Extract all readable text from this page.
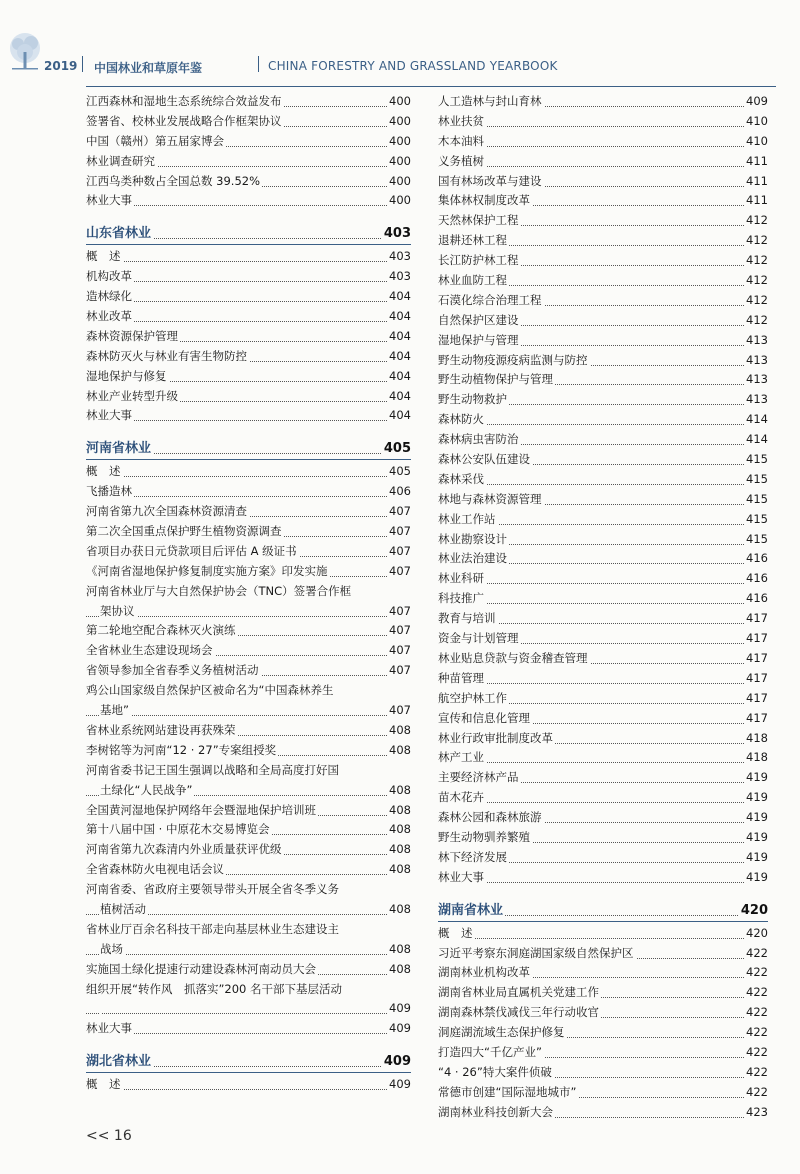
2019 中国林业和草原年鉴	CHINA FORESTRY AND GRASSLAND YEARBOOK
江西森林和湿地生态系统综合效益发布	400
签署省、校林业发展战略合作框架协议	400
中国（赣州）第五届家博会	400
林业调查研究	400
江西鸟类种数占全国总数 39.52%	400
林业大事	400
山东省林业	403
概　述	403
机构改革	403
造林绿化	404
林业改革	404
森林资源保护管理	404
森林防灭火与林业有害生物防控	404
湿地保护与修复	404
林业产业转型升级	404
林业大事	404
河南省林业	405
概　述	405
飞播造林	406
河南省第九次全国森林资源清查	407
第二次全国重点保护野生植物资源调查	407
省项目办获日元贷款项目后评估 A 级证书	407
《河南省湿地保护修复制度实施方案》印发实施	407
河南省林业厅与大自然保护协会（TNC）签署合作框
架协议	407
第二轮地空配合森林灭火演练	407
全省林业生态建设现场会	407
省领导参加全省春季义务植树活动	407
鸡公山国家级自然保护区被命名为“中国森林养生
基地”	407
省林业系统网站建设再获殊荣	408
李树铭等为河南“12 · 27”专案组授奖	408
河南省委书记王国生强调以战略和全局高度打好国
土绿化“人民战争”	408
全国黄河湿地保护网络年会暨湿地保护培训班	408
第十八届中国 · 中原花木交易博览会	408
河南省第九次森清内外业质量获评优级	408
全省森林防火电视电话会议	408
河南省委、省政府主要领导带头开展全省冬季义务
植树活动	408
省林业厅百余名科技干部走向基层林业生态建设主
战场	408
实施国土绿化提速行动建设森林河南动员大会	408
组织开展“转作风　抓落实”200 名干部下基层活动
409
林业大事	409
湖北省林业	409
概　述	409
人工造林与封山育林	409
林业扶贫	410
木本油料	410
义务植树	411
国有林场改革与建设	411
集体林权制度改革	411
天然林保护工程	412
退耕还林工程	412
长江防护林工程	412
林业血防工程	412
石漠化综合治理工程	412
自然保护区建设	412
湿地保护与管理	413
野生动物疫源疫病监测与防控	413
野生动植物保护与管理	413
野生动物救护	413
森林防火	414
森林病虫害防治	414
森林公安队伍建设	415
森林采伐	415
林地与森林资源管理	415
林业工作站	415
林业勘察设计	415
林业法治建设	416
林业科研	416
科技推广	416
教育与培训	417
资金与计划管理	417
林业贴息贷款与资金稽查管理	417
种苗管理	417
航空护林工作	417
宣传和信息化管理	417
林业行政审批制度改革	418
林产工业	418
主要经济林产品	419
苗木花卉	419
森林公园和森林旅游	419
野生动物驯养繁殖	419
林下经济发展	419
林业大事	419
湖南省林业	420
概　述	420
习近平考察东洞庭湖国家级自然保护区	422
湖南林业机构改革	422
湖南省林业局直属机关党建工作	422
湖南森林禁伐减伐三年行动收官	422
洞庭湖流域生态保护修复	422
打造四大“千亿产业”	422
“4 · 26”特大案件侦破	422
常德市创建“国际湿地城市”	422
湖南林业科技创新大会	423
<< 16
